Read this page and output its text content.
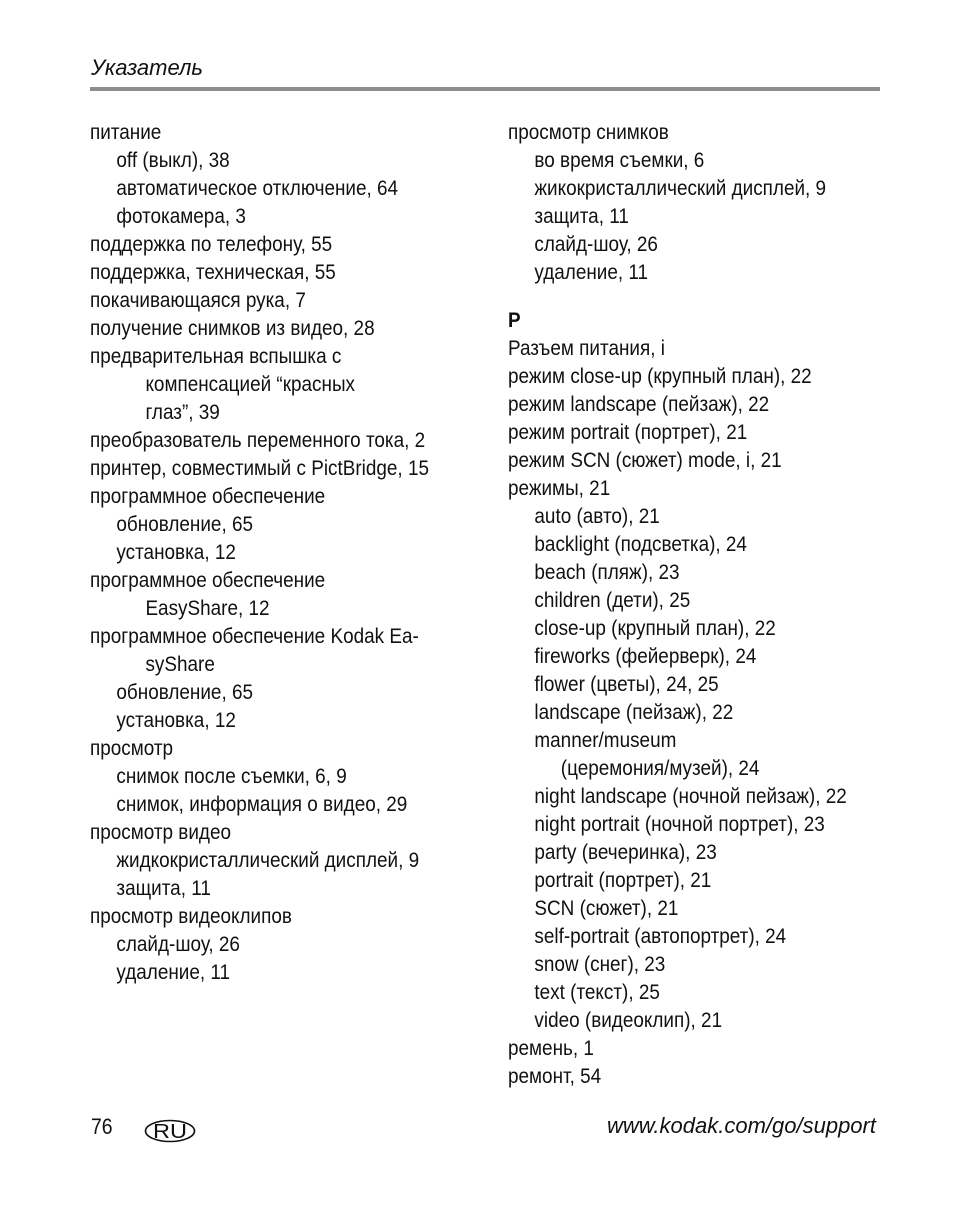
Указатель
питание
off (выкл), 38
автоматическое отключение, 64
фотокамера, 3
поддержка по телефону, 55
поддержка, техническая, 55
покачивающаяся рука, 7
получение снимков из видео, 28
предварительная вспышка с
компенсацией “красных
глаз”, 39
преобразователь переменного тока, 2
принтер, совместимый с PictBridge, 15
программное обеспечение
обновление, 65
установка, 12
программное обеспечение
EasyShare, 12
программное обеспечение Kodak Ea-
syShare
обновление, 65
установка, 12
просмотр
снимок после съемки, 6, 9
снимок, информация о видео, 29
просмотр видео
жидкокристаллический дисплей, 9
защита, 11
просмотр видеоклипов
слайд-шоу, 26
удаление, 11
просмотр снимков
во время съемки, 6
жикокристаллический дисплей, 9
защита, 11
слайд-шоу, 26
удаление, 11
Р
Разъем питания, i
режим close-up (крупный план), 22
режим landscape (пейзаж), 22
режим portrait (портрет), 21
режим SCN (сюжет) mode, i, 21
режимы, 21
auto (авто), 21
backlight (подсветка), 24
beach (пляж), 23
children (дети), 25
close-up (крупный план), 22
fireworks (фейерверк), 24
flower (цветы), 24, 25
landscape (пейзаж), 22
manner/museum
(церемония/музей), 24
night landscape (ночной пейзаж), 22
night portrait (ночной портрет), 23
party (вечеринка), 23
portrait (портрет), 21
SCN (сюжет), 21
self-portrait (автопортрет), 24
snow (снег), 23
text (текст), 25
video (видеоклип), 21
ремень, 1
ремонт, 54
76 RU	www.kodak.com/go/support
